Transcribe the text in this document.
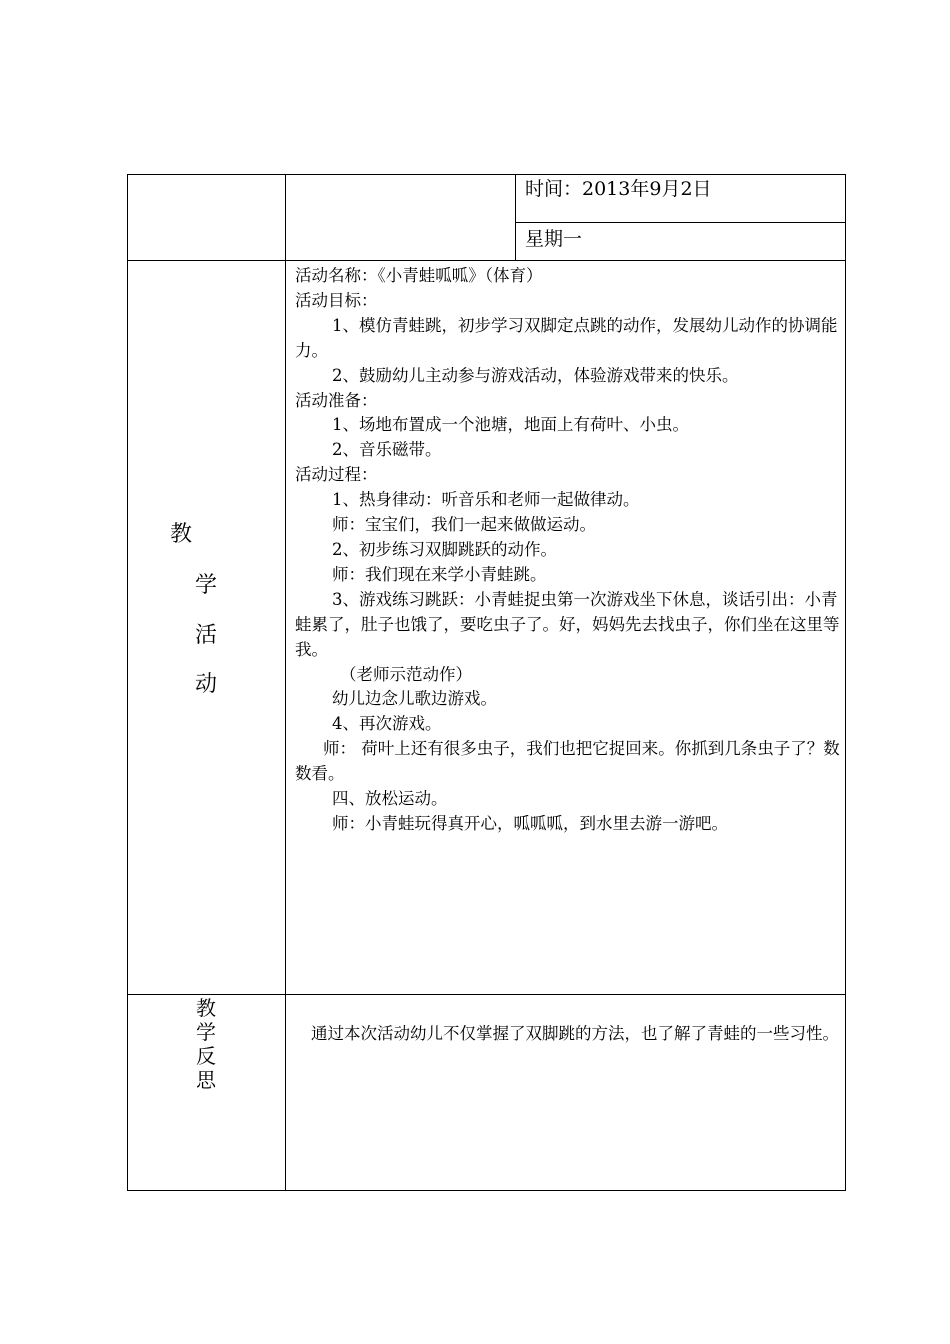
时间：2013年9月2日
星期一
教
学
活
动

活动名称：《小青蛙呱呱》（体育）

活动目标：

1、模仿青蛙跳，初步学习双脚定点跳的动作，发展幼儿动作的协调能力。

2、鼓励幼儿主动参与游戏活动，体验游戏带来的快乐。

活动准备：

1、场地布置成一个池塘，地面上有荷叶、小虫。

2、音乐磁带。

活动过程：

1、热身律动：听音乐和老师一起做律动。

师：宝宝们，我们一起来做做运动。

2、初步练习双脚跳跃的动作。

师：我们现在来学小青蛙跳。

3、游戏练习跳跃：小青蛙捉虫第一次游戏坐下休息，谈话引出：小青蛙累了，肚子也饿了，要吃虫子了。好，妈妈先去找虫子，你们坐在这里等我。

（老师示范动作）

幼儿边念儿歌边游戏。

4、再次游戏。

师： 荷叶上还有很多虫子，我们也把它捉回来。你抓到几条虫子了？数数看。

四、放松运动。

师：小青蛙玩得真开心，呱呱呱，到水里去游一游吧。

教
学
反
思
通过本次活动幼儿不仅掌握了双脚跳的方法，也了解了青蛙的一些习性。
